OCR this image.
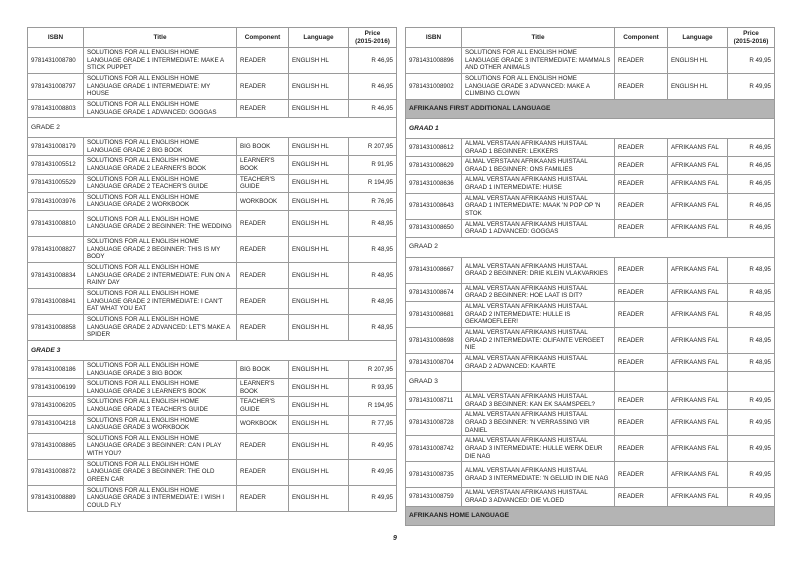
ISBN	Title	Component	Language	Price
(2015-2016)
9781431008780	SOLUTIONS FOR ALL ENGLISH HOME LANGUAGE GRADE 1 INTERMEDIATE: MAKE A STICK PUPPET	READER	ENGLISH HL	R 46,95
9781431008797	SOLUTIONS FOR ALL ENGLISH HOME LANGUAGE GRADE 1 INTERMEDIATE: MY HOUSE	READER	ENGLISH HL	R 46,95
9781431008803	SOLUTIONS FOR ALL ENGLISH HOME LANGUAGE GRADE 1 ADVANCED: GOGGAS	READER	ENGLISH HL	R 46,95
GRADE 2				
9781431008179	SOLUTIONS FOR ALL ENGLISH HOME LANGUAGE GRADE 2 BIG BOOK	BIG BOOK	ENGLISH HL	R 207,95
9781431005512	SOLUTIONS FOR ALL ENGLISH HOME LANGUAGE GRADE 2 LEARNER'S BOOK	LEARNER'S BOOK	ENGLISH HL	R 91,95
9781431005529	SOLUTIONS FOR ALL ENGLISH HOME LANGUAGE GRADE 2 TEACHER'S GUIDE	TEACHER'S GUIDE	ENGLISH HL	R 194,95
9781431003976	SOLUTIONS FOR ALL ENGLISH HOME LANGUAGE GRADE 2 WORKBOOK	WORKBOOK	ENGLISH HL	R 76,95
9781431008810	SOLUTIONS FOR ALL ENGLISH HOME LANGUAGE GRADE 2 BEGINNER: THE WEDDING	READER	ENGLISH HL	R 48,95
9781431008827	SOLUTIONS FOR ALL ENGLISH HOME LANGUAGE GRADE 2 BEGINNER: THIS IS MY BODY	READER	ENGLISH HL	R 48,95
9781431008834	SOLUTIONS FOR ALL ENGLISH HOME LANGUAGE GRADE 2 INTERMEDIATE: FUN ON A RAINY DAY	READER	ENGLISH HL	R 48,95
9781431008841	SOLUTIONS FOR ALL ENGLISH HOME LANGUAGE GRADE 2 INTERMEDIATE: I CAN'T EAT WHAT YOU EAT	READER	ENGLISH HL	R 48,95
9781431008858	SOLUTIONS FOR ALL ENGLISH HOME LANGUAGE GRADE 2 ADVANCED: LET'S MAKE A SPIDER	READER	ENGLISH HL	R 48,95
GRADE 3				
9781431008186	SOLUTIONS FOR ALL ENGLISH HOME LANGUAGE GRADE 3 BIG BOOK	BIG BOOK	ENGLISH HL	R 207,95
9781431006199	SOLUTIONS FOR ALL ENGLISH HOME LANGUAGE GRADE 3 LEARNER'S BOOK	LEARNER'S BOOK	ENGLISH HL	R 93,95
9781431006205	SOLUTIONS FOR ALL ENGLISH HOME LANGUAGE GRADE 3 TEACHER'S GUIDE	TEACHER'S GUIDE	ENGLISH HL	R 194,95
9781431004218	SOLUTIONS FOR ALL ENGLISH HOME LANGUAGE GRADE 3 WORKBOOK	WORKBOOK	ENGLISH HL	R 77,95
9781431008865	SOLUTIONS FOR ALL ENGLISH HOME LANGUAGE GRADE 3 BEGINNER: CAN I PLAY WITH YOU?	READER	ENGLISH HL	R 49,95
9781431008872	SOLUTIONS FOR ALL ENGLISH HOME LANGUAGE GRADE 3 BEGINNER: THE OLD GREEN CAR	READER	ENGLISH HL	R 49,95
9781431008889	SOLUTIONS FOR ALL ENGLISH HOME LANGUAGE GRADE 3 INTERMEDIATE: I WISH I COULD FLY	READER	ENGLISH HL	R 49,95
ISBN	Title	Component	Language	Price
(2015-2016)
9781431008896	SOLUTIONS FOR ALL ENGLISH HOME LANGUAGE GRADE 3 INTERMEDIATE: MAMMALS AND OTHER ANIMALS	READER	ENGLISH HL	R 49,95
9781431008902	SOLUTIONS FOR ALL ENGLISH HOME LANGUAGE GRADE 3 ADVANCED: MAKE A CLIMBING CLOWN	READER	ENGLISH HL	R 49,95
AFRIKAANS FIRST ADDITIONAL LANGUAGE				
GRAAD 1				
9781431008612	ALMAL VERSTAAN AFRIKAANS HUISTAAL GRAAD 1 BEGINNER: LEKKERS	READER	AFRIKAANS FAL	R 46,95
9781431008629	ALMAL VERSTAAN AFRIKAANS HUISTAAL GRAAD 1 BEGINNER: ONS FAMILIES	READER	AFRIKAANS FAL	R 46,95
9781431008636	ALMAL VERSTAAN AFRIKAANS HUISTAAL GRAAD 1 INTERMEDIATE: HUISE	READER	AFRIKAANS FAL	R 46,95
9781431008643	ALMAL VERSTAAN AFRIKAANS HUISTAAL GRAAD 1 INTERMEDIATE: MAAK 'N POP OP 'N STOK	READER	AFRIKAANS FAL	R 46,95
9781431008650	ALMAL VERSTAAN AFRIKAANS HUISTAAL GRAAD 1 ADVANCED: GOGGAS	READER	AFRIKAANS FAL	R 46,95
GRAAD 2				
9781431008667	ALMAL VERSTAAN AFRIKAANS HUISTAAL GRAAD 2 BEGINNER: DRIE KLEIN VLAKVARKIES	READER	AFRIKAANS FAL	R 48,95
9781431008674	ALMAL VERSTAAN AFRIKAANS HUISTAAL GRAAD 2 BEGINNER: HOE LAAT IS DIT?	READER	AFRIKAANS FAL	R 48,95
9781431008681	ALMAL VERSTAAN AFRIKAANS HUISTAAL GRAAD 2 INTERMEDIATE: HULLE IS GEKAMOEFLEER!	READER	AFRIKAANS FAL	R 48,95
9781431008698	ALMAL VERSTAAN AFRIKAANS HUISTAAL GRAAD 2 INTERMEDIATE: OLIFANTE VERGEET NIE	READER	AFRIKAANS FAL	R 48,95
9781431008704	ALMAL VERSTAAN AFRIKAANS HUISTAAL GRAAD 2 ADVANCED: KAARTE	READER	AFRIKAANS FAL	R 48,95
GRAAD 3				
9781431008711	ALMAL VERSTAAN AFRIKAANS HUISTAAL GRAAD 3 BEGINNER: KAN EK SAAMSPEEL?	READER	AFRIKAANS FAL	R 49,95
9781431008728	ALMAL VERSTAAN AFRIKAANS HUISTAAL GRAAD 3 BEGINNER: 'N VERRASSING VIR DANIEL	READER	AFRIKAANS FAL	R 49,95
9781431008742	ALMAL VERSTAAN AFRIKAANS HUISTAAL GRAAD 3 INTERMEDIATE: HULLE WERK DEUR DIE NAG	READER	AFRIKAANS FAL	R 49,95
9781431008735	ALMAL VERSTAAN AFRIKAANS HUISTAAL GRAAD 3 INTERMEDIATE: 'N GELUID IN DIE NAG	READER	AFRIKAANS FAL	R 49,95
9781431008759	ALMAL VERSTAAN AFRIKAANS HUISTAAL GRAAD 3 ADVANCED: DIE VLOED	READER	AFRIKAANS FAL	R 49,95
AFRIKAANS HOME LANGUAGE				
9
